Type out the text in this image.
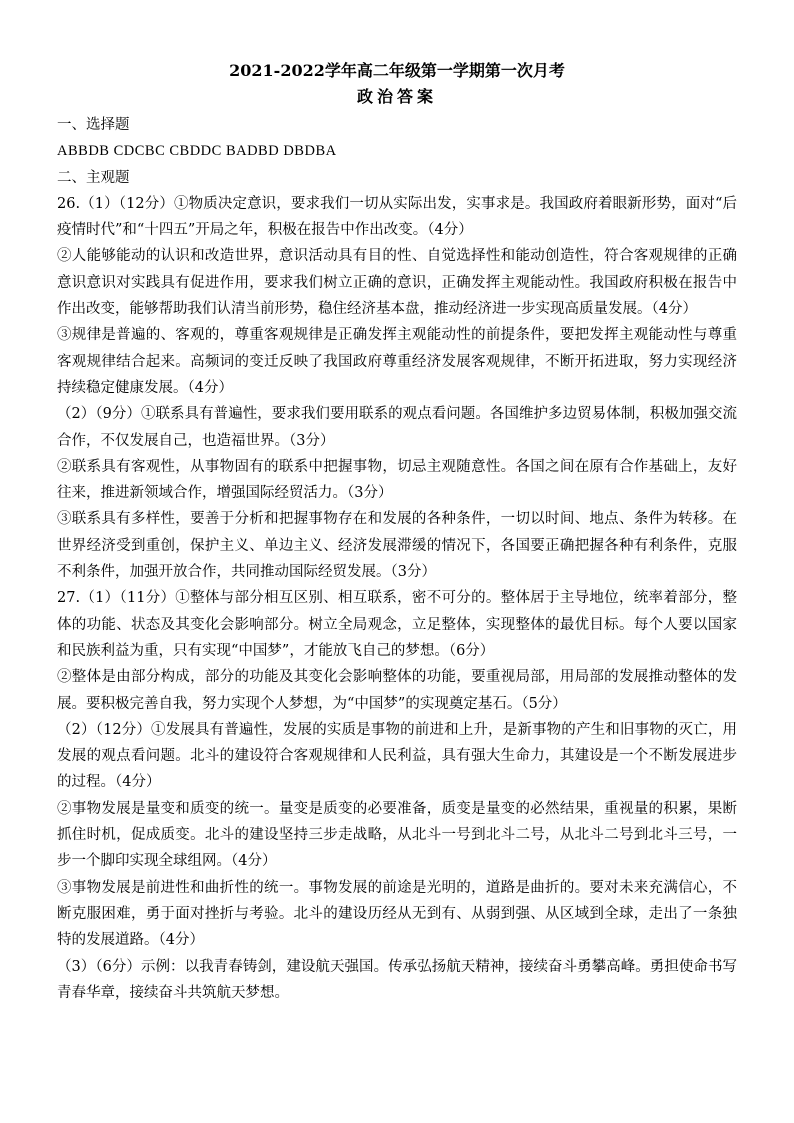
2021-2022学年高二年级第一学期第一次月考

政治答案

一、选择题

ABBDB CDCBC CBDDC BADBD DBDBA

二、主观题

26.（1）（12分）①物质决定意识，要求我们一切从实际出发，实事求是。我国政府着眼新形势，面对“后疫情时代”和“十四五”开局之年，积极在报告中作出改变。（4分）

②人能够能动的认识和改造世界，意识活动具有目的性、自觉选择性和能动创造性，符合客观规律的正确意识意识对实践具有促进作用，要求我们树立正确的意识，正确发挥主观能动性。我国政府积极在报告中作出改变，能够帮助我们认清当前形势，稳住经济基本盘，推动经济进一步实现高质量发展。（4分）

③规律是普遍的、客观的，尊重客观规律是正确发挥主观能动性的前提条件，要把发挥主观能动性与尊重客观规律结合起来。高频词的变迁反映了我国政府尊重经济发展客观规律，不断开拓进取，努力实现经济持续稳定健康发展。（4分）

（2）（9分）①联系具有普遍性，要求我们要用联系的观点看问题。各国维护多边贸易体制，积极加强交流合作，不仅发展自己，也造福世界。（3分）

②联系具有客观性，从事物固有的联系中把握事物，切忌主观随意性。各国之间在原有合作基础上，友好往来，推进新领域合作，增强国际经贸活力。（3分）

③联系具有多样性，要善于分析和把握事物存在和发展的各种条件，一切以时间、地点、条件为转移。在世界经济受到重创，保护主义、单边主义、经济发展滞缓的情况下，各国要正确把握各种有利条件，克服不利条件，加强开放合作，共同推动国际经贸发展。（3分）

27.（1）（11分）①整体与部分相互区别、相互联系，密不可分的。整体居于主导地位，统率着部分，整体的功能、状态及其变化会影响部分。树立全局观念，立足整体，实现整体的最优目标。每个人要以国家和民族利益为重，只有实现“中国梦”，才能放飞自己的梦想。（6分）

②整体是由部分构成，部分的功能及其变化会影响整体的功能，要重视局部，用局部的发展推动整体的发展。要积极完善自我，努力实现个人梦想，为“中国梦”的实现奠定基石。（5分）

（2）（12分）①发展具有普遍性，发展的实质是事物的前进和上升，是新事物的产生和旧事物的灭亡，用发展的观点看问题。北斗的建设符合客观规律和人民利益，具有强大生命力，其建设是一个不断发展进步的过程。（4分）

②事物发展是量变和质变的统一。量变是质变的必要准备，质变是量变的必然结果，重视量的积累，果断抓住时机，促成质变。北斗的建设坚持三步走战略，从北斗一号到北斗二号，从北斗二号到北斗三号，一步一个脚印实现全球组网。（4分）

③事物发展是前进性和曲折性的统一。事物发展的前途是光明的，道路是曲折的。要对未来充满信心，不断克服困难，勇于面对挫折与考验。北斗的建设历经从无到有、从弱到强、从区域到全球，走出了一条独特的发展道路。（4分）

（3）（6分）示例：以我青春铸剑，建设航天强国。传承弘扬航天精神，接续奋斗勇攀高峰。勇担使命书写青春华章，接续奋斗共筑航天梦想。
